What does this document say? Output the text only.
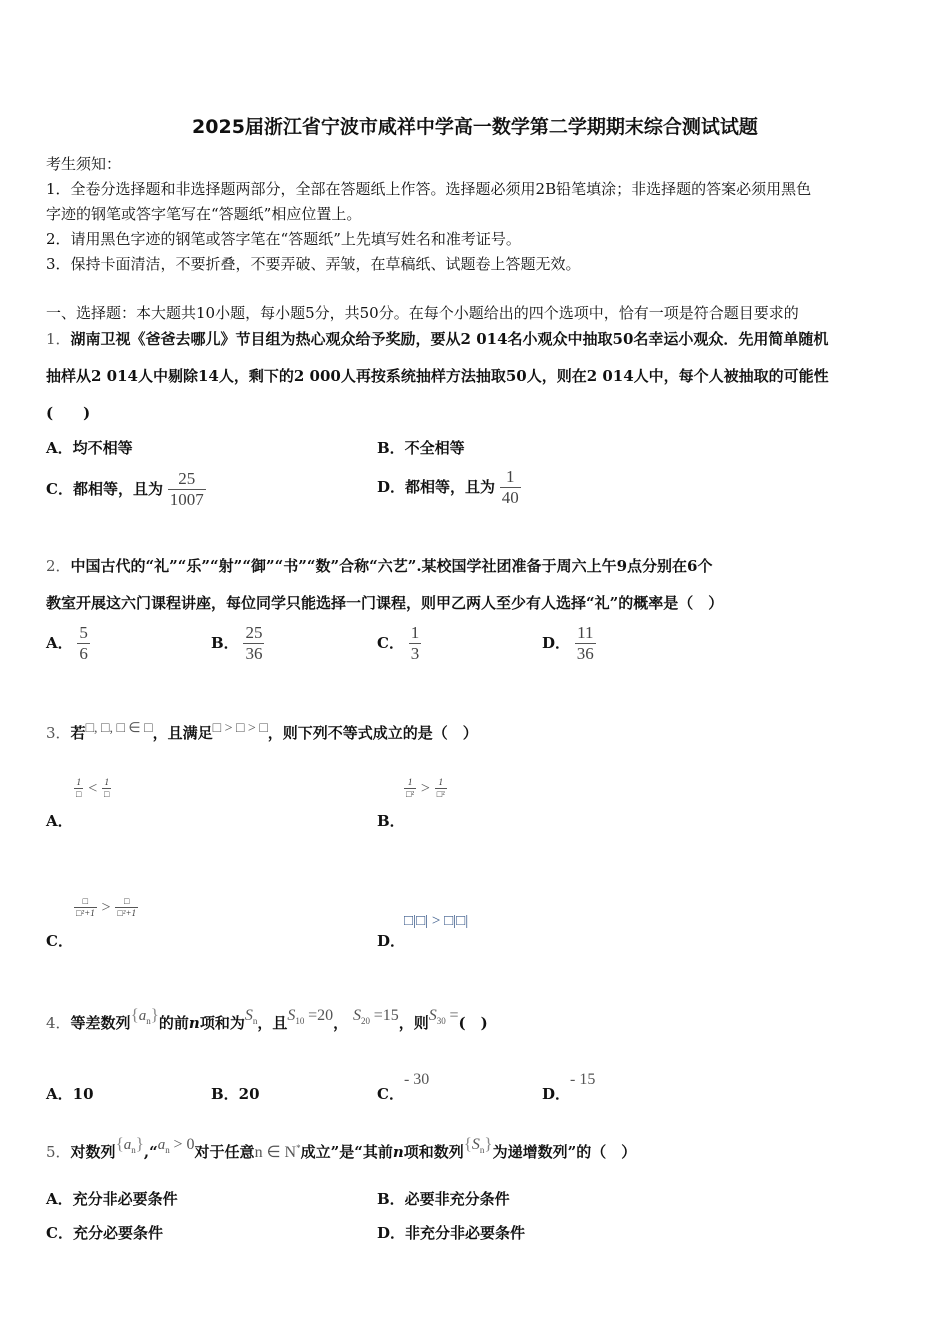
2025届浙江省宁波市咸祥中学高一数学第二学期期末综合测试试题
考生须知：
1．全卷分选择题和非选择题两部分，全部在答题纸上作答。选择题必须用2B铅笔填涂；非选择题的答案必须用黑色
字迹的钢笔或答字笔写在“答题纸”相应位置上。
2．请用黑色字迹的钢笔或答字笔在“答题纸”上先填写姓名和准考证号。
3．保持卡面清洁，不要折叠，不要弄破、弄皱，在草稿纸、试题卷上答题无效。
一、选择题：本大题共10小题，每小题5分，共50分。在每个小题给出的四个选项中，恰有一项是符合题目要求的
1．湖南卫视《爸爸去哪儿》节目组为热心观众给予奖励，要从2 014名小观众中抽取50名幸运小观众．先用简单随机
抽样从2 014人中剔除14人，剩下的2 000人再按系统抽样方法抽取50人，则在2 014人中，每个人被抽取的可能性
(　　)
A．均不相等	B．不全相等
C．都相等，且为 $\frac{25}{1007}$	D．都相等，且为 $\frac{1}{40}$
2．中国古代的“礼”“乐”“射”“御”“书”“数”合称“六艺”.某校国学社团准备于周六上午9点分别在6个
教室开展这六门课程讲座，每位同学只能选择一门课程，则甲乙两人至少有人选择“礼”的概率是（　）
A． $\frac{5}{6}$	B． $\frac{25}{36}$	C． $\frac{1}{3}$	D． $\frac{11}{36}$
3．若□, □, □ ∈ □，且满足□ > □ > □，则下列不等式成立的是（　）
$\frac{1}{□} < \frac{1}{□}$
A．
$\frac{1}{\text{□²}} > \frac{1}{\text{□²}}$
B．
$\frac{□}{\text{□²+1}} > \frac{□}{\text{□²+1}}$
C．
□|□| > □|□|
D．
4．等差数列$\{a_n\}$的前n项和为$S_n$，且$S_{10} =20$， $S_{20} =15$，则$S_{30}$ =(　)
A．10	B．20	C．- 30
D．- 15
5．对数列$\{a_n\},“a_n > 0$对于任意n ∈ N*成立”是“其前n项和数列$\{S_n\}$为递增数列”的（　）
A．充分非必要条件	B．必要非充分条件
C．充分必要条件	D．非充分非必要条件
